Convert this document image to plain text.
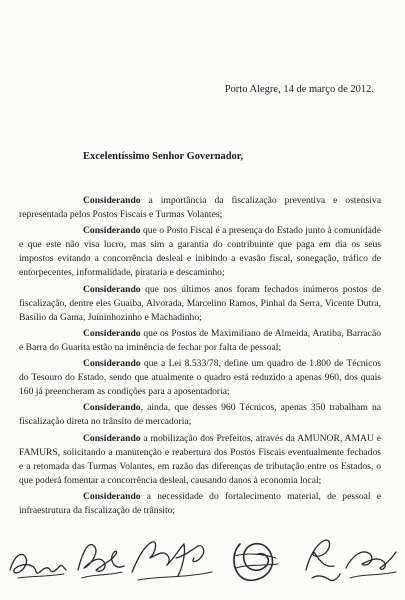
Porto Alegre, 14 de março de 2012.
Excelentíssimo Senhor Governador,

Considerando a importância da fiscalização preventiva e ostensiva representada pelos Postos Fiscais e Turmas Volantes;

Considerando que o Posto Fiscal é a presença do Estado junto à comunidade e que este não visa lucro, mas sim a garantia do contribuinte que paga em dia os seus impostos evitando a concorrência desleal e inibindo a evasão fiscal, sonegação, tráfico de entorpecentes, informalidade, pirataria e descaminho;

Considerando que nos últimos anos foram fechados inúmeros postos de fiscalização, dentre eles Guaíba, Alvorada, Marcelino Ramos, Pinhal da Serra, Vicente Dutra, Basílio da Gama, Juíninhozinho e Machadinho;

Considerando que os Postos de Maximiliano de Almeida, Aratiba, Barracão e Barra do Guarita estão na iminência de fechar por falta de pessoal;

Considerando que a Lei 8.533/78, define um quadro de 1.800 de Técnicos do Tesouro do Estado, sendo que atualmente o quadro está reduzido a apenas 960, dos quais 160 já preencheram as condições para a aposentadoria;

Considerando, ainda, que desses 960 Técnicos, apenas 350 trabalham na fiscalização direta no trânsito de mercadoria;

Considerando a mobilização dos Prefeitos, através da AMUNOR, AMAU e FAMURS, solicitando a manutenção e reabertura dos Postos Fiscais eventualmente fechados e a retomada das Turmas Volantes, em razão das diferenças de tributação entre os Estados, o que poderá fomentar a concorrência desleal, causando danos à economia local;

Considerando a necessidade do fortalecimento material, de pessoal e infraestrutura da fiscalização de trânsito;
